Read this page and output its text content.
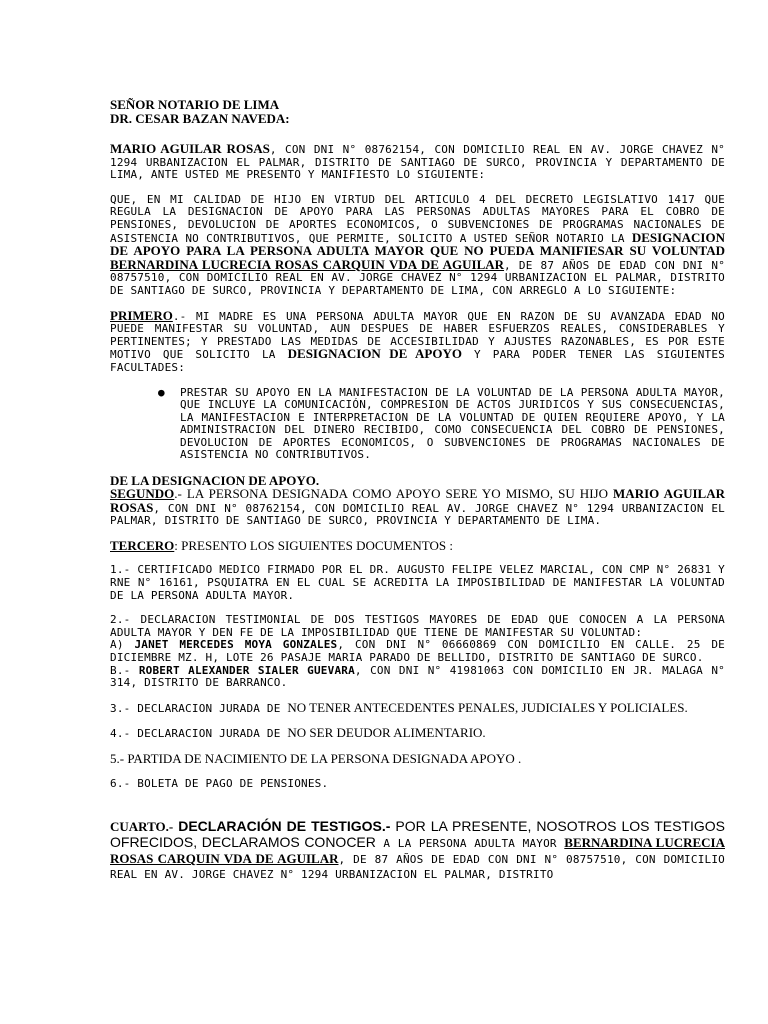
SEÑOR NOTARIO DE LIMA

DR. CESAR BAZAN NAVEDA:

MARIO AGUILAR ROSAS, CON DNI N° 08762154, CON DOMICILIO REAL EN AV. JORGE CHAVEZ N° 1294 URBANIZACION EL PALMAR, DISTRITO DE SANTIAGO DE SURCO, PROVINCIA Y DEPARTAMENTO DE LIMA, ANTE USTED ME PRESENTO Y MANIFIESTO LO SIGUIENTE:

QUE, EN MI CALIDAD DE HIJO EN VIRTUD DEL ARTICULO 4 DEL DECRETO LEGISLATIVO 1417 QUE REGULA LA DESIGNACION DE APOYO PARA LAS PERSONAS ADULTAS MAYORES PARA EL COBRO DE PENSIONES, DEVOLUCION DE APORTES ECONOMICOS, O SUBVENCIONES DE PROGRAMAS NACIONALES DE ASISTENCIA NO CONTRIBUTIVOS, QUE PERMITE, SOLICITO A USTED SEÑOR NOTARIO LA DESIGNACION DE APOYO PARA LA PERSONA ADULTA MAYOR QUE NO PUEDA MANIFIESAR SU VOLUNTAD BERNARDINA LUCRECIA ROSAS CARQUIN VDA DE AGUILAR, DE 87 AÑOS DE EDAD CON DNI N° 08757510, CON DOMICILIO REAL EN AV. JORGE CHAVEZ N° 1294 URBANIZACION EL PALMAR, DISTRITO DE SANTIAGO DE SURCO, PROVINCIA Y DEPARTAMENTO DE LIMA, CON ARREGLO A LO SIGUIENTE:

PRIMERO.- MI MADRE ES UNA PERSONA ADULTA MAYOR QUE EN RAZON DE SU AVANZADA EDAD NO PUEDE MANIFESTAR SU VOLUNTAD, AUN DESPUES DE HABER ESFUERZOS REALES, CONSIDERABLES Y PERTINENTES; Y PRESTADO LAS MEDIDAS DE ACCESIBILIDAD Y AJUSTES RAZONABLES, ES POR ESTE MOTIVO QUE SOLICITO LA DESIGNACION DE APOYO Y PARA PODER TENER LAS SIGUIENTES FACULTADES:

●	PRESTAR SU APOYO EN LA MANIFESTACION DE LA VOLUNTAD DE LA PERSONA ADULTA MAYOR, QUE INCLUYE LA COMUNICACIÓN, COMPRESION DE ACTOS JURIDICOS Y SUS CONSECUENCIAS, LA MANIFESTACION E INTERPRETACION DE LA VOLUNTAD DE QUIEN REQUIERE APOYO, Y LA ADMINISTRACION DEL DINERO RECIBIDO, COMO CONSECUENCIA DEL COBRO DE PENSIONES, DEVOLUCION DE APORTES ECONOMICOS, O SUBVENCIONES DE PROGRAMAS NACIONALES DE ASISTENCIA NO CONTRIBUTIVOS.

DE LA DESIGNACION DE APOYO.

SEGUNDO.- LA PERSONA DESIGNADA COMO APOYO SERE YO MISMO, SU HIJO MARIO AGUILAR ROSAS, CON DNI N° 08762154, CON DOMICILIO REAL AV. JORGE CHAVEZ N° 1294 URBANIZACION EL PALMAR, DISTRITO DE SANTIAGO DE SURCO, PROVINCIA Y DEPARTAMENTO DE LIMA.

TERCERO: PRESENTO LOS SIGUIENTES DOCUMENTOS :

1.- CERTIFICADO MEDICO FIRMADO POR EL DR. AUGUSTO FELIPE VELEZ MARCIAL, CON CMP N° 26831 Y RNE N° 16161, PSQUIATRA EN EL CUAL SE ACREDITA LA IMPOSIBILIDAD DE MANIFESTAR LA VOLUNTAD DE LA PERSONA ADULTA MAYOR.

2.- DECLARACION TESTIMONIAL DE DOS TESTIGOS MAYORES DE EDAD QUE CONOCEN A LA PERSONA ADULTA MAYOR Y DEN FE DE LA IMPOSIBILIDAD QUE TIENE DE MANIFESTAR SU VOLUNTAD:

A) JANET MERCEDES MOYA GONZALES, CON DNI N° 06660869 CON DOMICILIO EN CALLE. 25 DE DICIEMBRE MZ. H, LOTE 26 PASAJE MARIA PARADO DE BELLIDO, DISTRITO DE SANTIAGO DE SURCO.

B.- ROBERT ALEXANDER SIALER GUEVARA, CON DNI N° 41981063 CON DOMICILIO EN JR. MALAGA N° 314, DISTRITO DE BARRANCO.

3.- DECLARACION JURADA DE NO TENER ANTECEDENTES PENALES, JUDICIALES Y POLICIALES.

4.- DECLARACION JURADA DE NO SER DEUDOR ALIMENTARIO.

5.- PARTIDA DE NACIMIENTO DE LA PERSONA DESIGNADA APOYO .

6.- BOLETA DE PAGO DE PENSIONES.

CUARTO.- DECLARACIÓN DE TESTIGOS.- POR LA PRESENTE, NOSOTROS LOS TESTIGOS OFRECIDOS, DECLARAMOS CONOCER A LA PERSONA ADULTA MAYOR BERNARDINA LUCRECIA ROSAS CARQUIN VDA DE AGUILAR, DE 87 AÑOS DE EDAD CON DNI N° 08757510, CON DOMICILIO REAL EN AV. JORGE CHAVEZ N° 1294 URBANIZACION EL PALMAR, DISTRITO
